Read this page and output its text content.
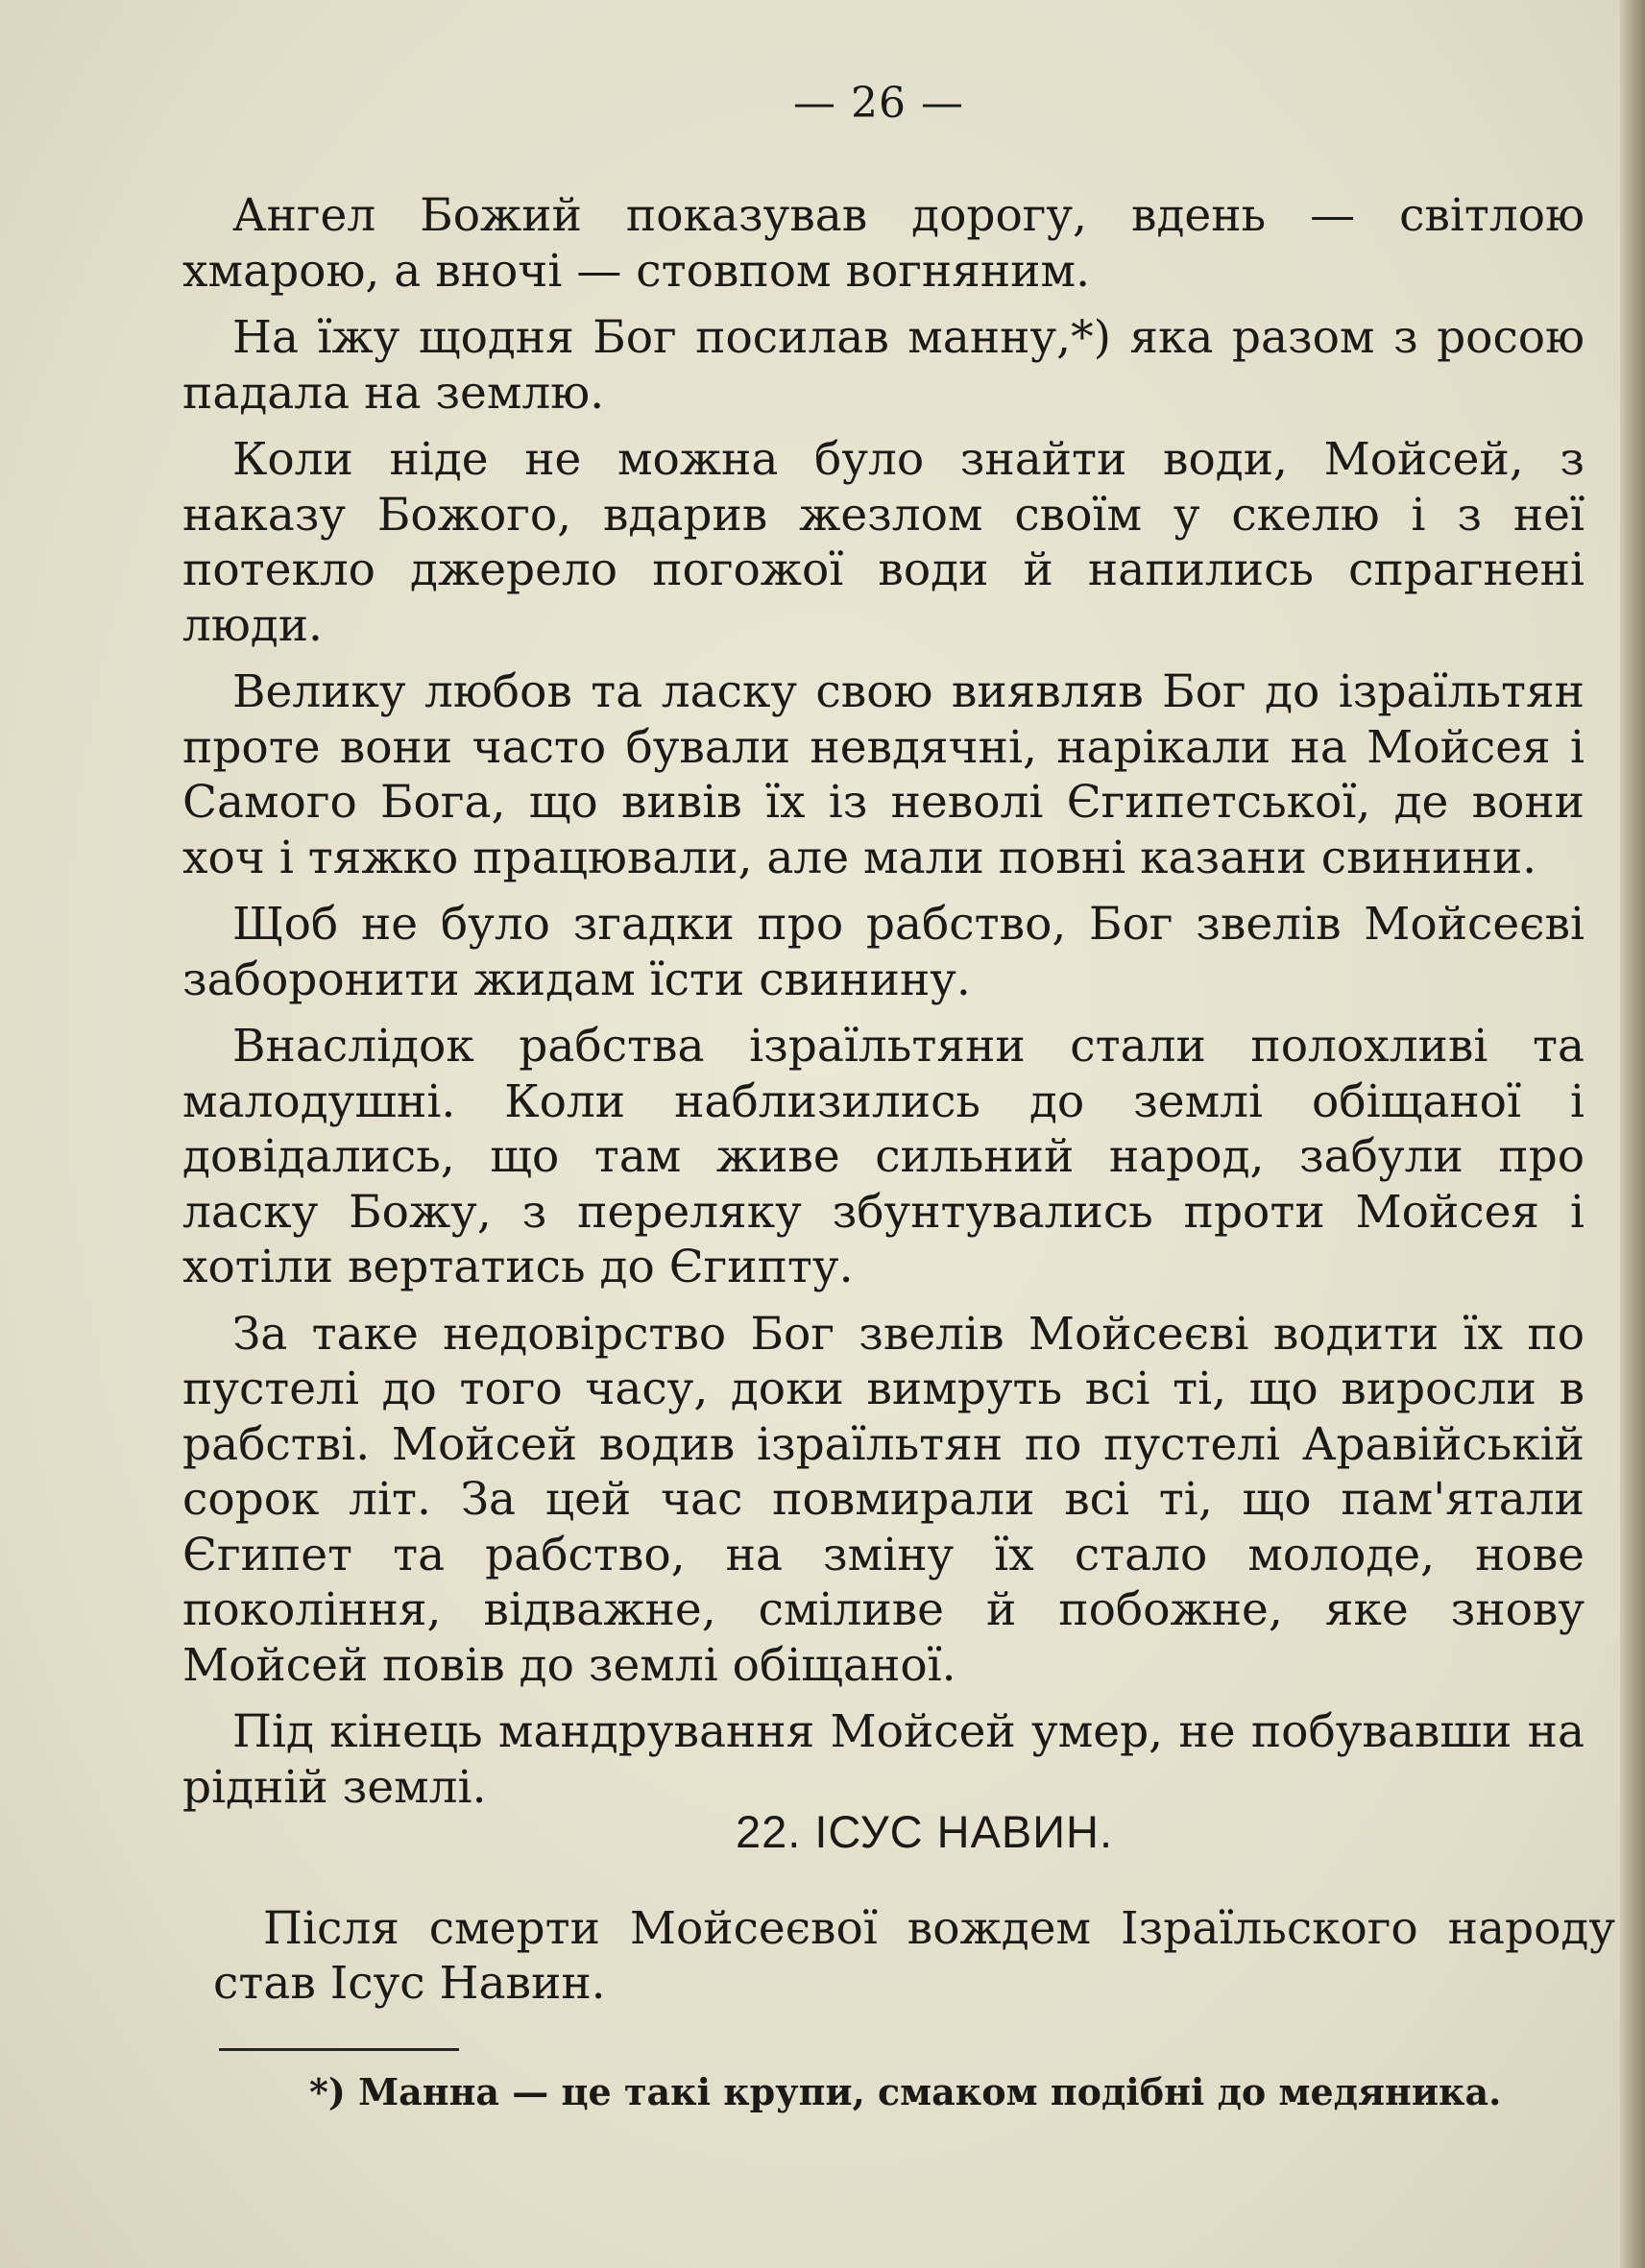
— 26 —

Ангел Божий показував дорогу, вдень — світлою хмарою, а вночі — стовпом вогняним.

На їжу щодня Бог посилав манну,*) яка разом з росою падала на землю.

Коли ніде не можна було знайти води, Мойсей, з наказу Божого, вдарив жезлом своїм у скелю і з неї потекло джерело погожої води й напились спрагнені люди.

Велику любов та ласку свою виявляв Бог до ізраїльтян проте вони часто бували невдячні, нарікали на Мойсея і Самого Бога, що вивів їх із неволі Єгипетської, де вони хоч і тяжко працювали, але мали повні казани свинини.

Щоб не було згадки про рабство, Бог звелів Мойсеєві заборонити жидам їсти свинину.

Внаслідок рабства ізраїльтяни стали полохливі та малодушні. Коли наблизились до землі обіщаної і довідались, що там живе сильний народ, забули про ласку Божу, з переляку збунтувались проти Мойсея і хотіли вертатись до Єгипту.

За таке недовірство Бог звелів Мойсеєві водити їх по пустелі до того часу, доки вимруть всі ті, що виросли в рабстві. Мойсей водив ізраїльтян по пустелі Аравійській сорок літ. За цей час повмирали всі ті, що пам'ятали Єгипет та рабство, на зміну їх стало молоде, нове покоління, відважне, сміливе й побожне, яке знову Мойсей повів до землі обіщаної.

Під кінець мандрування Мойсей умер, не побувавши на рідній землі.

22. ІСУС НАВИН.

Після смерти Мойсеєвої вождем Ізраїльского народу став Ісус Навин.

*) Манна — це такі крупи, смаком подібні до медяника.
